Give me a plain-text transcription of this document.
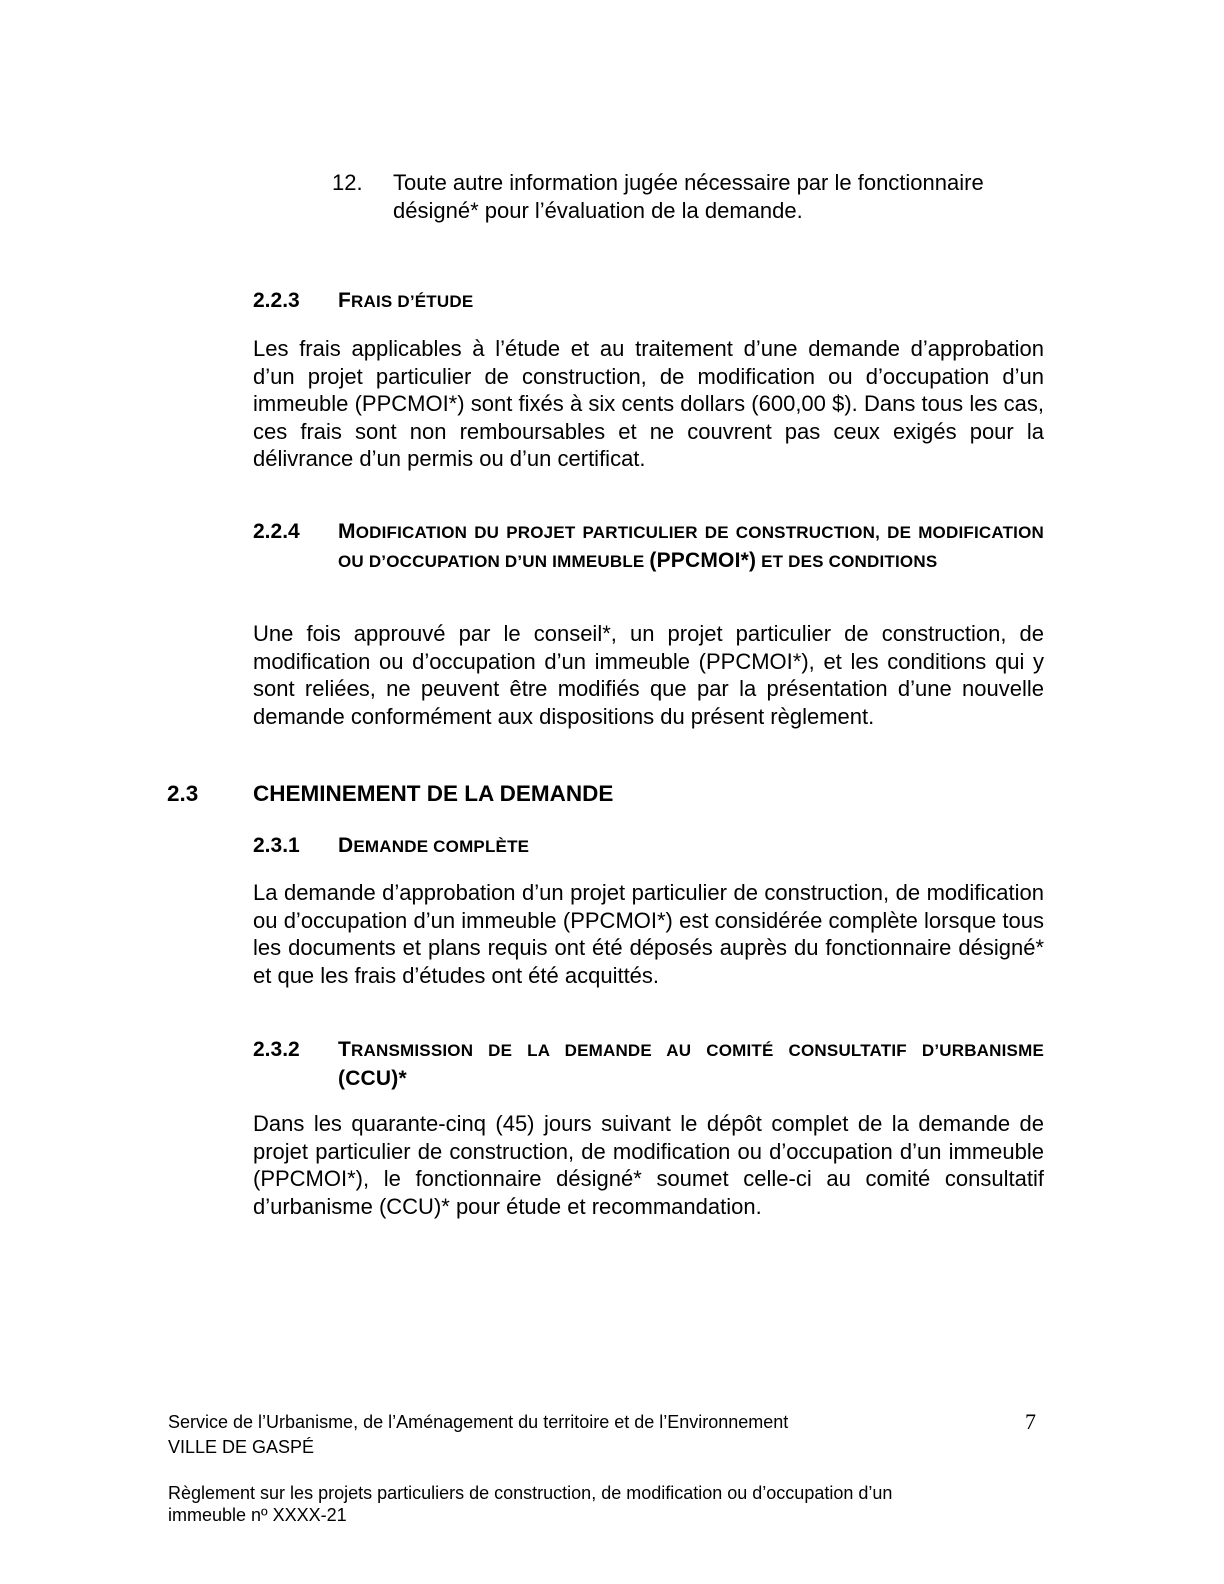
12. Toute autre information jugée nécessaire par le fonctionnaire désigné* pour l’évaluation de la demande.
2.2.3 FRAIS D’ÉTUDE
Les frais applicables à l’étude et au traitement d’une demande d’approbation d’un projet particulier de construction, de modification ou d’occupation d’un immeuble (PPCMOI*) sont fixés à six cents dollars (600,00 $). Dans tous les cas, ces frais sont non remboursables et ne couvrent pas ceux exigés pour la délivrance d’un permis ou d’un certificat.
2.2.4 MODIFICATION DU PROJET PARTICULIER DE CONSTRUCTION, DE MODIFICATION OU D’OCCUPATION D’UN IMMEUBLE (PPCMOI*) ET DES CONDITIONS
Une fois approuvé par le conseil*, un projet particulier de construction, de modification ou d’occupation d’un immeuble (PPCMOI*), et les conditions qui y sont reliées, ne peuvent être modifiés que par la présentation d’une nouvelle demande conformément aux dispositions du présent règlement.
2.3 CHEMINEMENT DE LA DEMANDE
2.3.1 DEMANDE COMPLÈTE
La demande d’approbation d’un projet particulier de construction, de modification ou d’occupation d’un immeuble (PPCMOI*) est considérée complète lorsque tous les documents et plans requis ont été déposés auprès du fonctionnaire désigné* et que les frais d’études ont été acquittés.
2.3.2 TRANSMISSION DE LA DEMANDE AU COMITÉ CONSULTATIF D’URBANISME (CCU)*
Dans les quarante-cinq (45) jours suivant le dépôt complet de la demande de projet particulier de construction, de modification ou d’occupation d’un immeuble (PPCMOI*), le fonctionnaire désigné* soumet celle-ci au comité consultatif d’urbanisme (CCU)* pour étude et recommandation.
Service de l’Urbanisme, de l’Aménagement du territoire et de l’Environnement
VILLE DE GASPÉ
7
Règlement sur les projets particuliers de construction, de modification ou d’occupation d’un
immeuble nº XXXX-21
